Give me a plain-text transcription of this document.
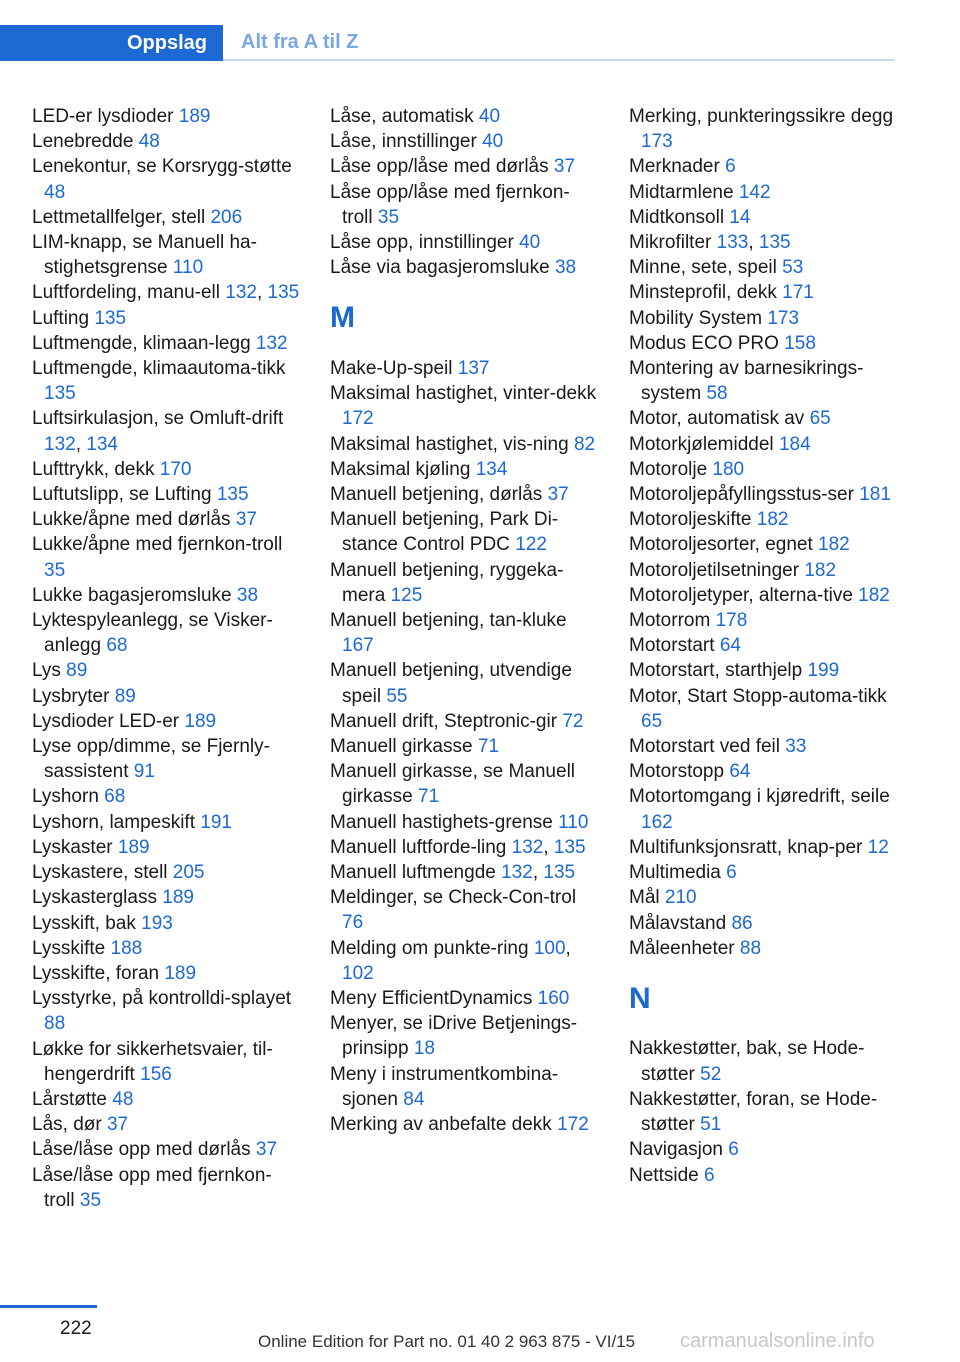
Oppslag	Alt fra A til Z

LED-er lysdioder 189

Lenebredde 48

Lenekontur, se Korsrygg-støtte 48

Lettmetallfelger, stell 206

LIM-knapp, se Manuell ha-stighetsgrense 110

Luftfordeling, manu-ell 132, 135

Lufting 135

Luftmengde, klimaan-legg 132

Luftmengde, klimaautoma-tikk 135

Luftsirkulasjon, se Omluft-drift 132, 134

Lufttrykk, dekk 170

Luftutslipp, se Lufting 135

Lukke/åpne med dørlås 37

Lukke/åpne med fjernkon-troll 35

Lukke bagasjeromsluke 38

Lyktespyleanlegg, se Visker-anlegg 68

Lys 89

Lysbryter 89

Lysdioder LED-er 189

Lyse opp/dimme, se Fjernly-sassistent 91

Lyshorn 68

Lyshorn, lampeskift 191

Lyskaster 189

Lyskastere, stell 205

Lyskasterglass 189

Lysskift, bak 193

Lysskifte 188

Lysskifte, foran 189

Lysstyrke, på kontrolldi-splayet 88

Løkke for sikkerhetsvaier, til-hengerdrift 156

Lårstøtte 48

Lås, dør 37

Låse/låse opp med dørlås 37

Låse/låse opp med fjernkon-troll 35

Låse, automatisk 40

Låse, innstillinger 40

Låse opp/låse med dørlås 37

Låse opp/låse med fjernkon-troll 35

Låse opp, innstillinger 40

Låse via bagasjeromsluke 38

M

Make-Up-speil 137

Maksimal hastighet, vinter-dekk 172

Maksimal hastighet, vis-ning 82

Maksimal kjøling 134

Manuell betjening, dørlås 37

Manuell betjening, Park Di-stance Control PDC 122

Manuell betjening, ryggeka-mera 125

Manuell betjening, tan-kluke 167

Manuell betjening, utvendige speil 55

Manuell drift, Steptronic-gir 72

Manuell girkasse 71

Manuell girkasse, se Manuell girkasse 71

Manuell hastighets-grense 110

Manuell luftforde-ling 132, 135

Manuell luftmengde 132, 135

Meldinger, se Check-Con-trol 76

Melding om punkte-ring 100, 102

Meny EfficientDynamics 160

Menyer, se iDrive Betjenings-prinsipp 18

Meny i instrumentkombina-sjonen 84

Merking av anbefalte dekk 172

Merking, punkteringssikre degg 173

Merknader 6

Midtarmlene 142

Midtkonsoll 14

Mikrofilter 133, 135

Minne, sete, speil 53

Minsteprofil, dekk 171

Mobility System 173

Modus ECO PRO 158

Montering av barnesikrings-system 58

Motor, automatisk av 65

Motorkjølemiddel 184

Motorolje 180

Motoroljepåfyllingsstus-ser 181

Motoroljeskifte 182

Motoroljesorter, egnet 182

Motoroljetilsetninger 182

Motoroljetyper, alterna-tive 182

Motorrom 178

Motorstart 64

Motorstart, starthjelp 199

Motor, Start Stopp-automa-tikk 65

Motorstart ved feil 33

Motorstopp 64

Motortomgang i kjøredrift, seile 162

Multifunksjonsratt, knap-per 12

Multimedia 6

Mål 210

Målavstand 86

Måleenheter 88

N

Nakkestøtter, bak, se Hode-støtter 52

Nakkestøtter, foran, se Hode-støtter 51

Navigasjon 6

Nettside 6

222
Online Edition for Part no. 01 40 2 963 875 - VI/15 carmanualsonline.info
